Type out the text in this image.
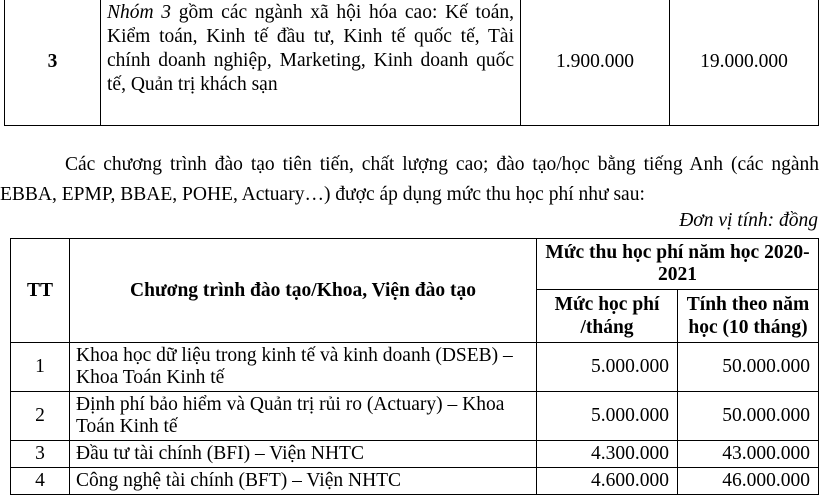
3	Nhóm 3 gồm các ngành xã hội hóa cao: Kế toán, Kiểm toán, Kinh tế đầu tư, Kinh tế quốc tế, Tài chính doanh nghiệp, Marketing, Kinh doanh quốc tế, Quản trị khách sạn	1.900.000	19.000.000

Các chương trình đào tạo tiên tiến, chất lượng cao; đào tạo/học bằng tiếng Anh (các ngành EBBA, EPMP, BBAE, POHE, Actuary…) được áp dụng mức thu học phí như sau:

Đơn vị tính: đồng
TT	Chương trình đào tạo/Khoa, Viện đào tạo	Mức thu học phí năm học 2020-2021	
		Mức học phí /tháng	Tính theo năm học (10 tháng)
1	Khoa học dữ liệu trong kinh tế và kinh doanh (DSEB) – Khoa Toán Kinh tế	5.000.000	50.000.000
2	Định phí bảo hiểm và Quản trị rủi ro (Actuary) – Khoa Toán Kinh tế	5.000.000	50.000.000
3	Đầu tư tài chính (BFI) – Viện NHTC	4.300.000	43.000.000
4	Công nghệ tài chính (BFT) – Viện NHTC	4.600.000	46.000.000
